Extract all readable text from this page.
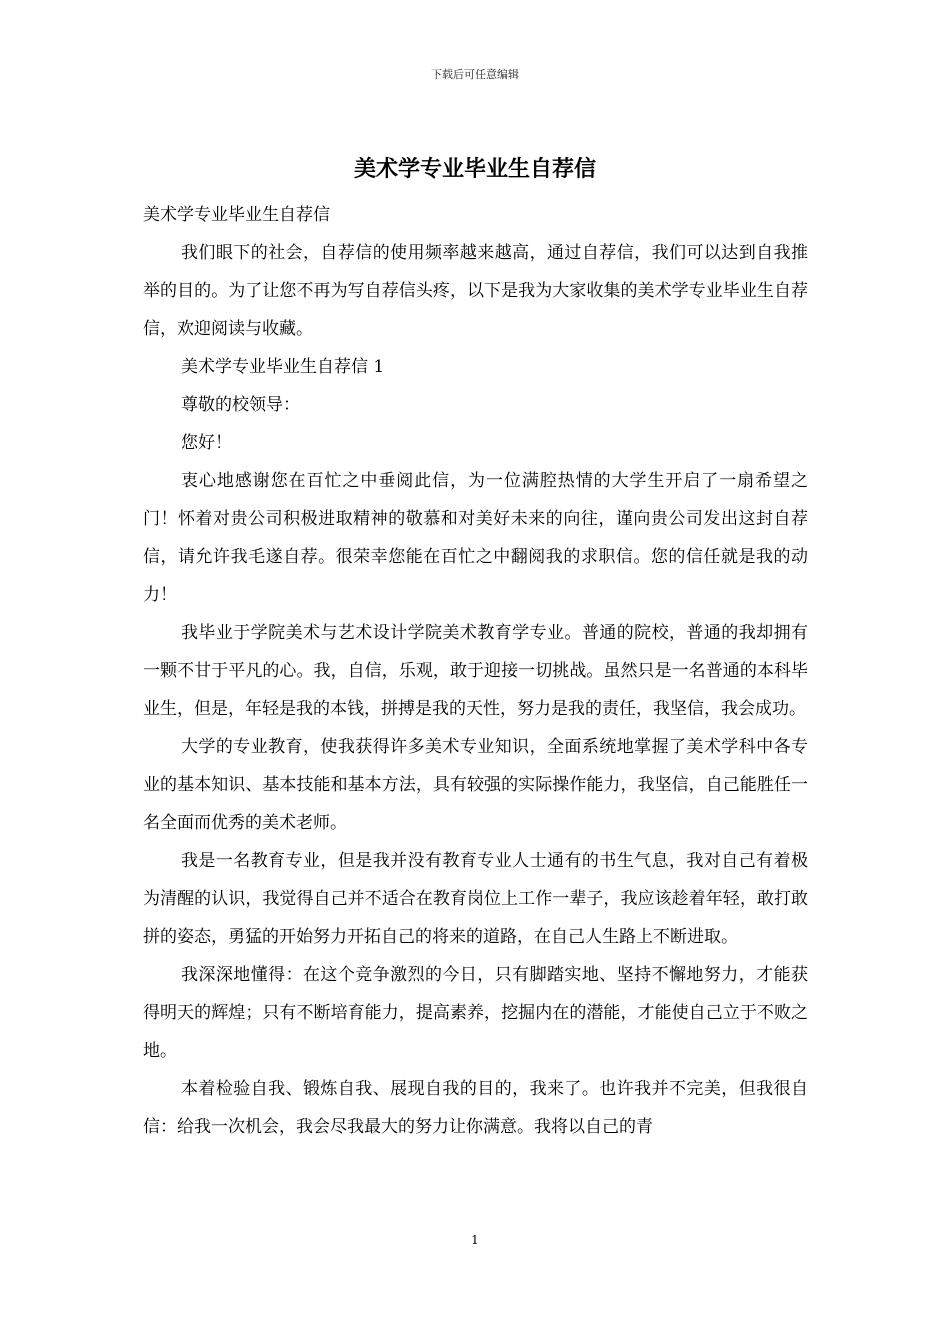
下载后可任意编辑
美术学专业毕业生自荐信

美术学专业毕业生自荐信

我们眼下的社会，自荐信的使用频率越来越高，通过自荐信，我们可以达到自我推举的目的。为了让您不再为写自荐信头疼，以下是我为大家收集的美术学专业毕业生自荐信，欢迎阅读与收藏。

美术学专业毕业生自荐信 1

尊敬的校领导：

您好！

衷心地感谢您在百忙之中垂阅此信，为一位满腔热情的大学生开启了一扇希望之门！怀着对贵公司积极进取精神的敬慕和对美好未来的向往，谨向贵公司发出这封自荐信，请允许我毛遂自荐。很荣幸您能在百忙之中翻阅我的求职信。您的信任就是我的动力！

我毕业于学院美术与艺术设计学院美术教育学专业。普通的院校，普通的我却拥有一颗不甘于平凡的心。我，自信，乐观，敢于迎接一切挑战。虽然只是一名普通的本科毕业生，但是，年轻是我的本钱，拼搏是我的天性，努力是我的责任，我坚信，我会成功。

大学的专业教育，使我获得许多美术专业知识，全面系统地掌握了美术学科中各专业的基本知识、基本技能和基本方法，具有较强的实际操作能力，我坚信，自己能胜任一名全面而优秀的美术老师。

我是一名教育专业，但是我并没有教育专业人士通有的书生气息，我对自己有着极为清醒的认识，我觉得自己并不适合在教育岗位上工作一辈子，我应该趁着年轻，敢打敢拼的姿态，勇猛的开始努力开拓自己的将来的道路，在自己人生路上不断进取。

我深深地懂得：在这个竞争激烈的今日，只有脚踏实地、坚持不懈地努力，才能获得明天的辉煌；只有不断培育能力，提高素养，挖掘内在的潜能，才能使自己立于不败之地。

本着检验自我、锻炼自我、展现自我的目的，我来了。也许我并不完美，但我很自信：给我一次机会，我会尽我最大的努力让你满意。我将以自己的青

1
